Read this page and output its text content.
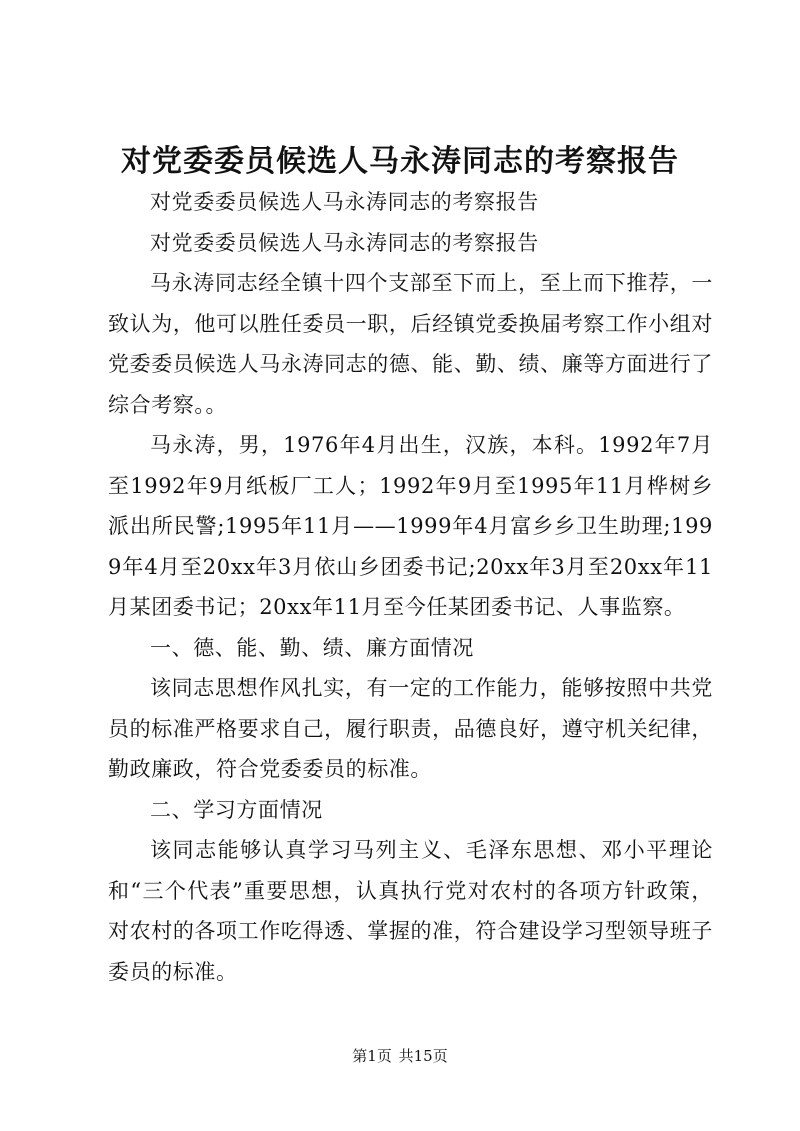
对党委委员候选人马永涛同志的考察报告

对党委委员候选人马永涛同志的考察报告

对党委委员候选人马永涛同志的考察报告

马永涛同志经全镇十四个支部至下而上，至上而下推荐，一致认为，他可以胜任委员一职，后经镇党委换届考察工作小组对党委委员候选人马永涛同志的德、能、勤、绩、廉等方面进行了综合考察。。

马永涛，男，1976年4月出生，汉族，本科。1992年7月至1992年9月纸板厂工人；1992年9月至1995年11月桦树乡派出所民警;1995年11月——1999年4月富乡乡卫生助理;1999年4月至20xx年3月依山乡团委书记;20xx年3月至20xx年11月某团委书记；20xx年11月至今任某团委书记、人事监察。

一、德、能、勤、绩、廉方面情况

该同志思想作风扎实，有一定的工作能力，能够按照中共党员的标准严格要求自己，履行职责，品德良好，遵守机关纪律，勤政廉政，符合党委委员的标准。

二、学习方面情况

该同志能够认真学习马列主义、毛泽东思想、邓小平理论和“三个代表”重要思想，认真执行党对农村的各项方针政策，对农村的各项工作吃得透、掌握的准，符合建设学习型领导班子委员的标准。

第1页 共15页
